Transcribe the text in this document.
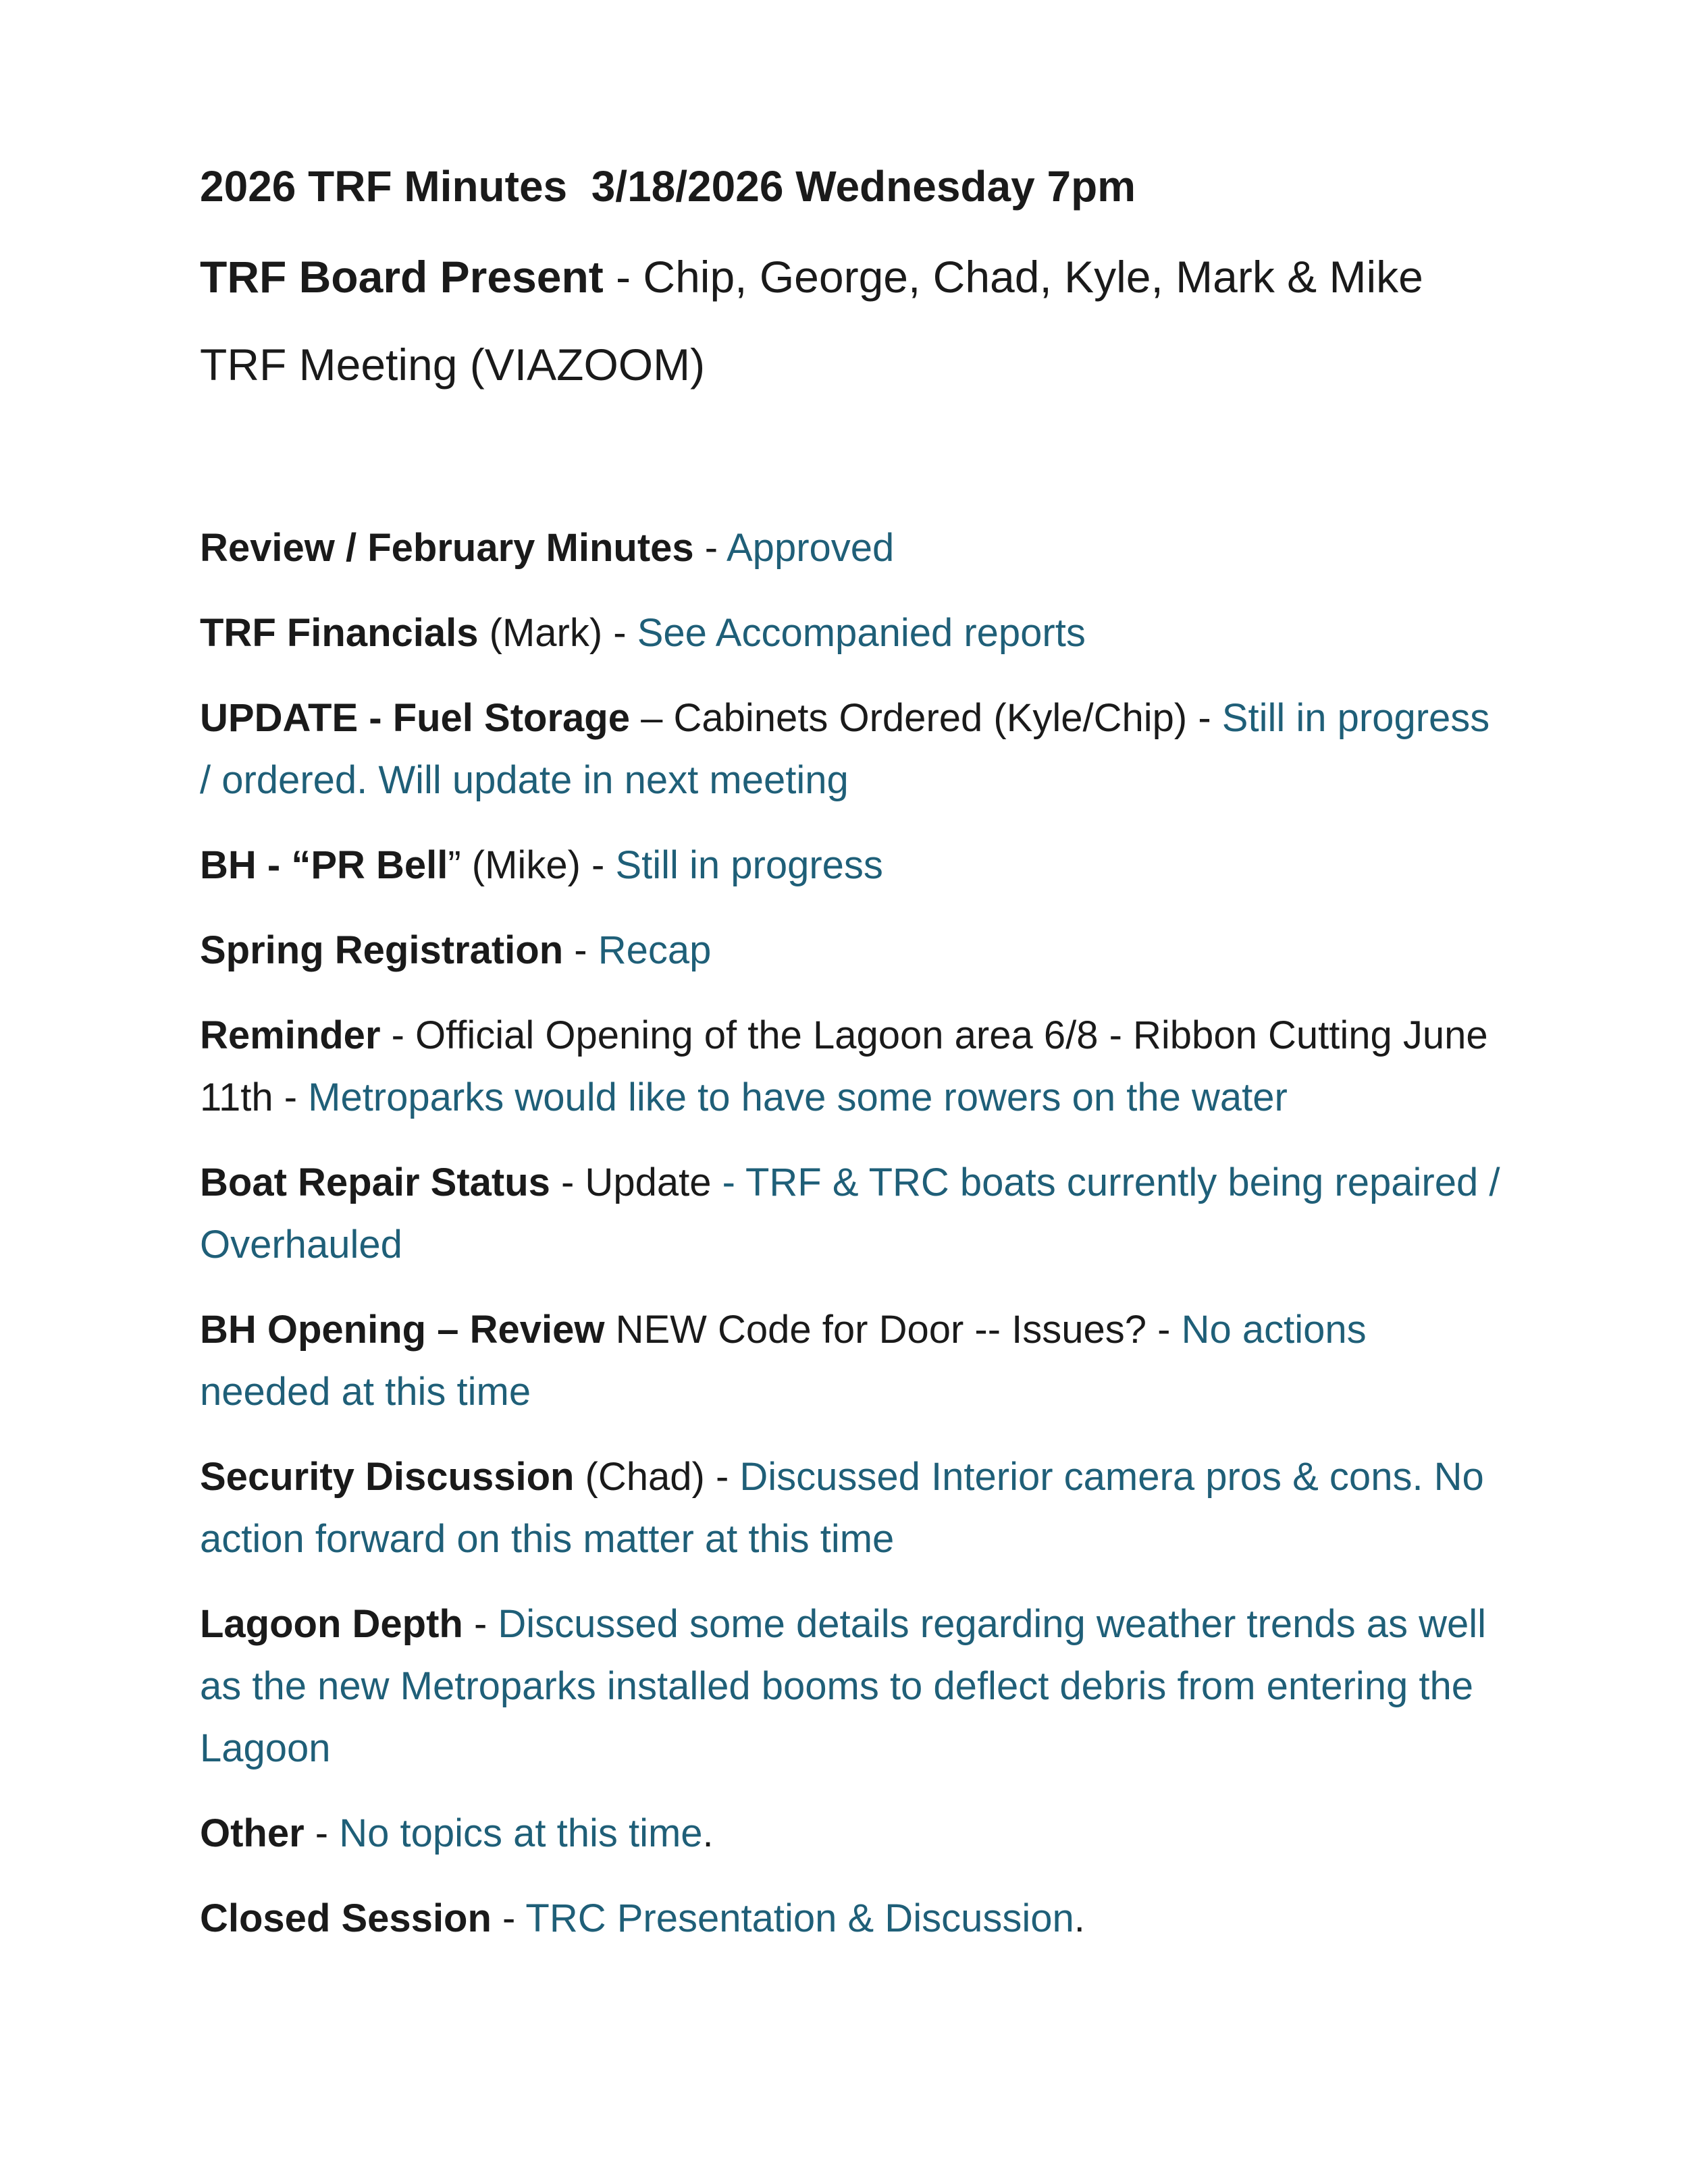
2026 TRF Minutes  3/18/2026 Wednesday 7pm

TRF Board Present - Chip, George, Chad, Kyle, Mark & Mike

TRF Meeting (VIAZOOM)

Review / February Minutes - Approved

TRF Financials (Mark) - See Accompanied reports

UPDATE - Fuel Storage – Cabinets Ordered (Kyle/Chip) - Still in progress / ordered. Will update in next meeting

BH - “PR Bell” (Mike) - Still in progress

Spring Registration - Recap

Reminder - Official Opening of the Lagoon area 6/8 - Ribbon Cutting June 11th - Metroparks would like to have some rowers on the water

Boat Repair Status - Update - TRF & TRC boats currently being repaired / Overhauled

BH Opening – Review NEW Code for Door -- Issues? - No actions needed at this time

Security Discussion (Chad) - Discussed Interior camera pros & cons. No action forward on this matter at this time

Lagoon Depth - Discussed some details regarding weather trends as well as the new Metroparks installed booms to deflect debris from entering the Lagoon

Other - No topics at this time.

Closed Session - TRC Presentation & Discussion.
